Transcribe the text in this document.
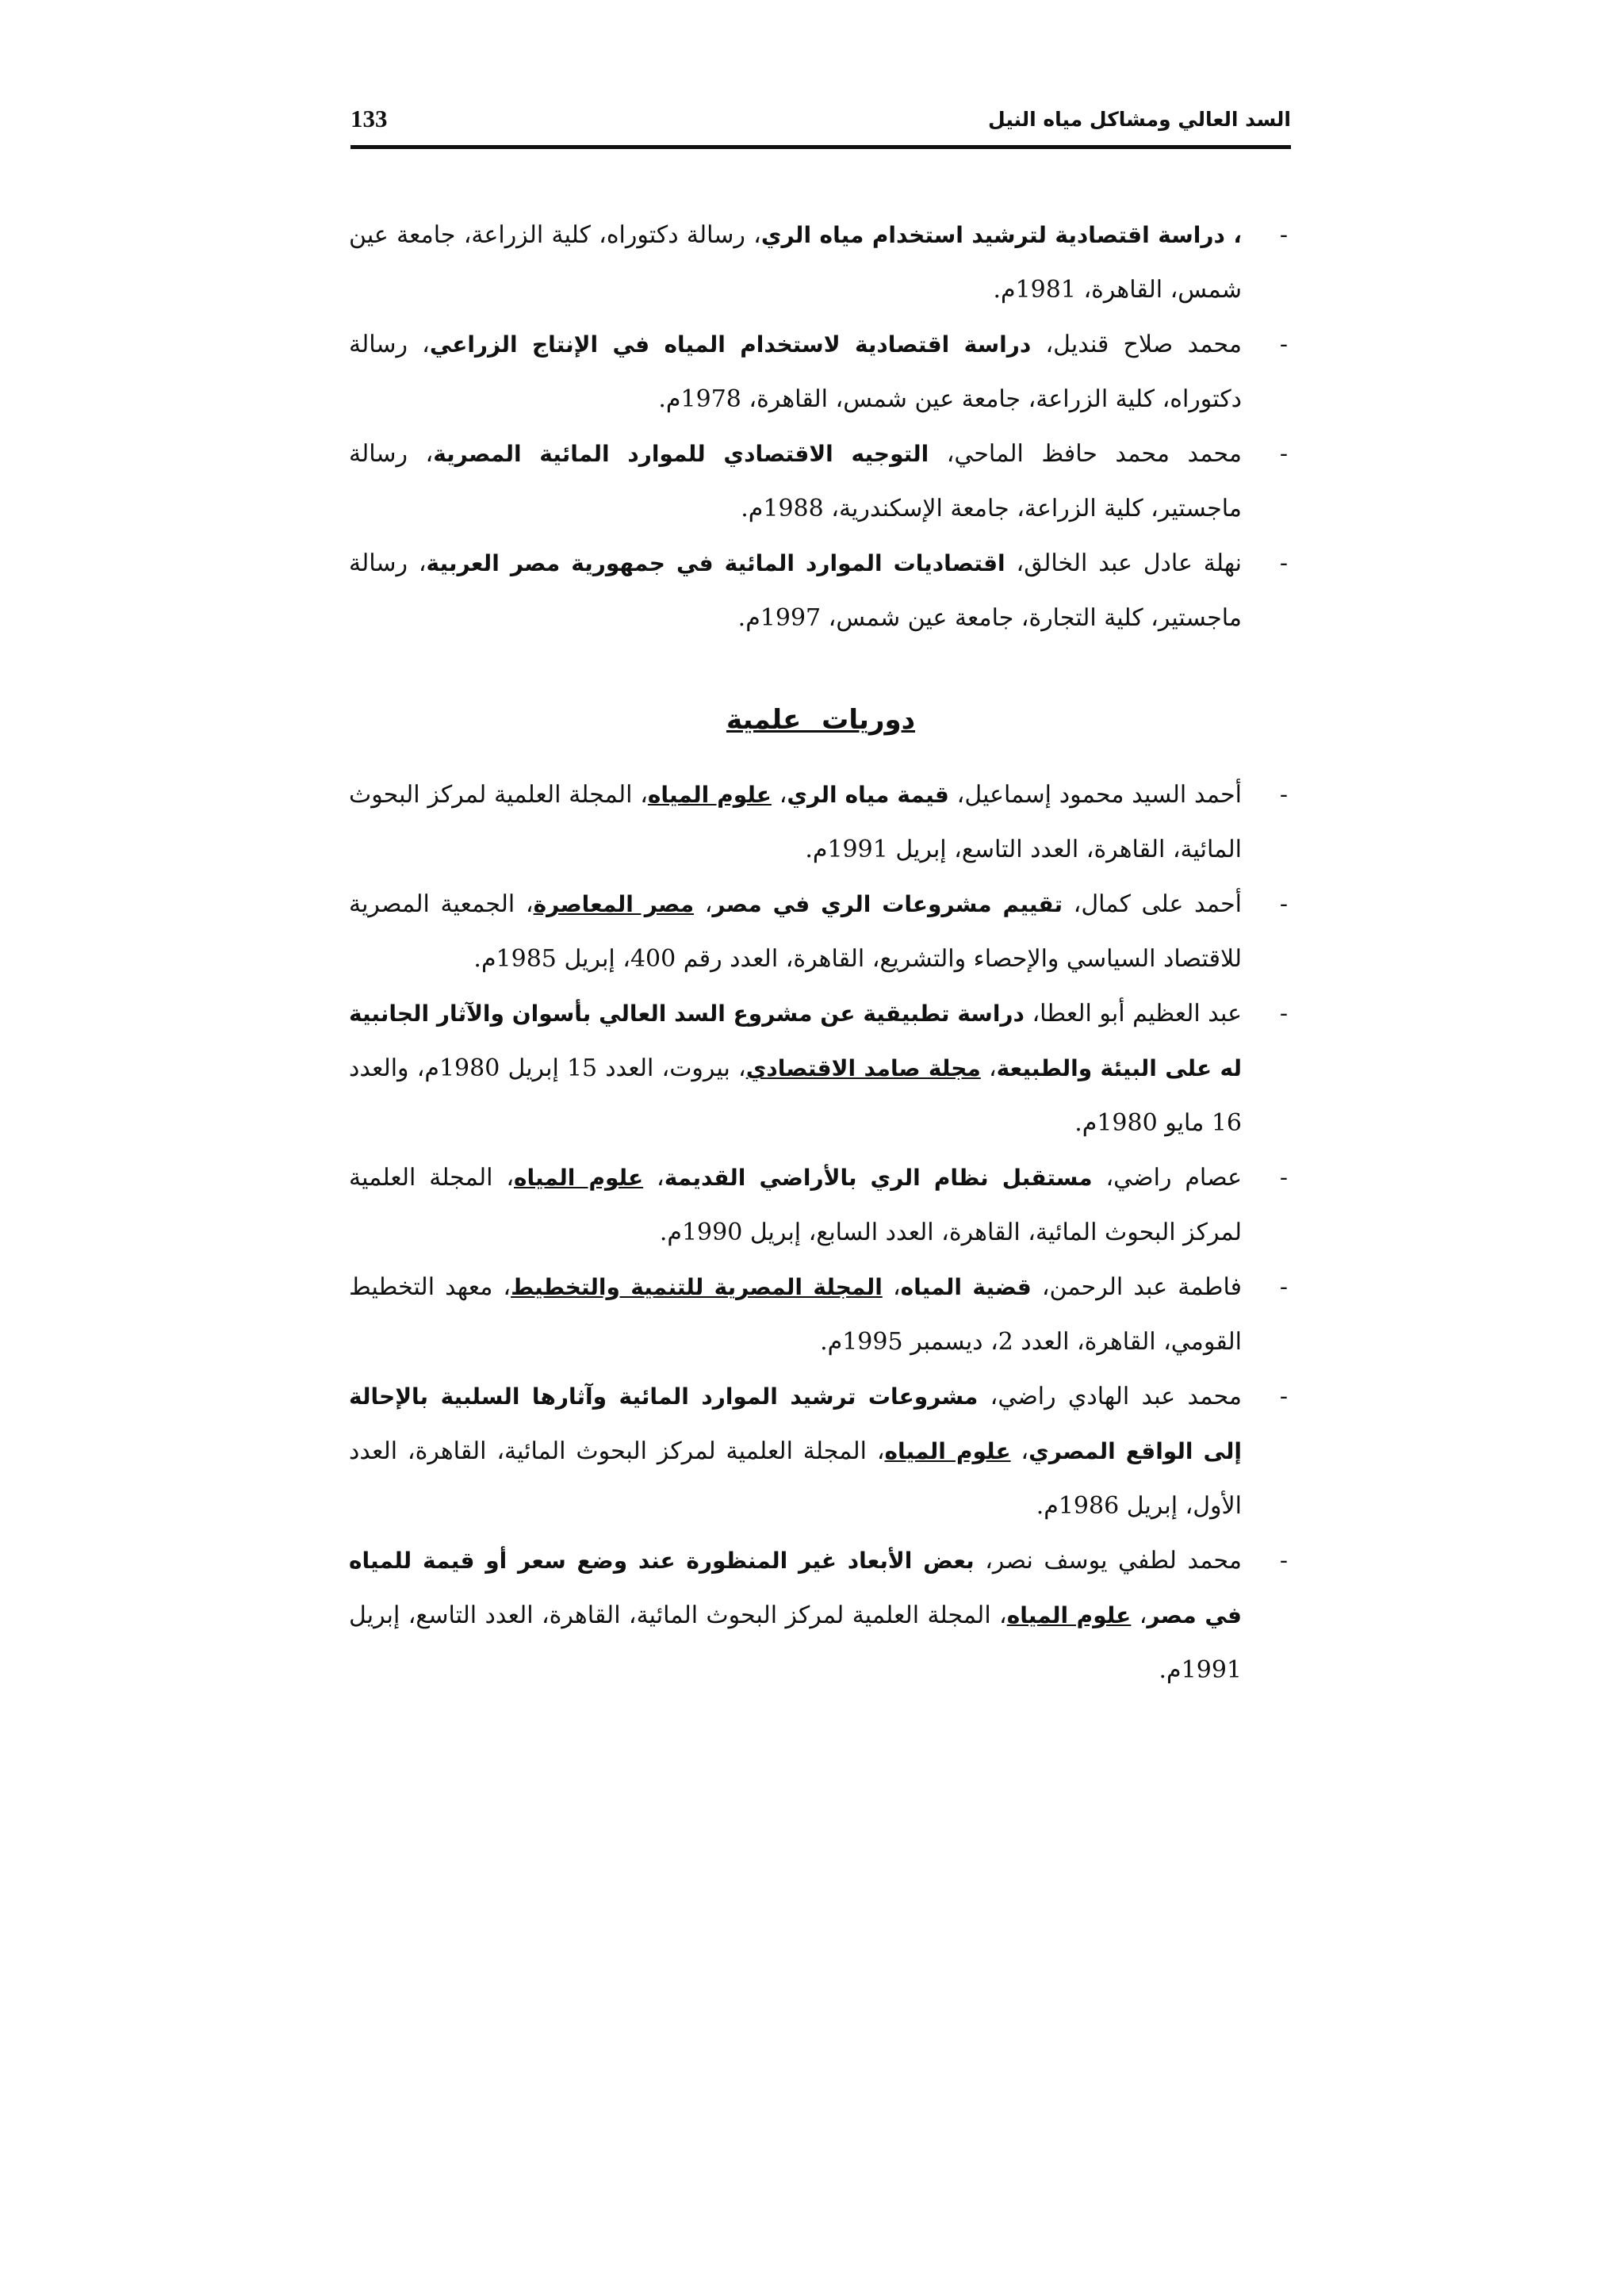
السد العالي ومشاكل مياه النيل
133
-
، دراسة اقتصادية لترشيد استخدام مياه الري، رسالة دكتوراه، كلية الزراعة، جامعة عين شمس، القاهرة، 1981م.
-
محمد صلاح قنديل، دراسة اقتصادية لاستخدام المياه في الإنتاج الزراعي، رسالة دكتوراه، كلية الزراعة، جامعة عين شمس، القاهرة، 1978م.
-
محمد محمد حافظ الماحي، التوجيه الاقتصادي للموارد المائية المصرية، رسالة ماجستير، كلية الزراعة، جامعة الإسكندرية، 1988م.
-
نهلة عادل عبد الخالق، اقتصاديات الموارد المائية في جمهورية مصر العربية، رسالة ماجستير، كلية التجارة، جامعة عين شمس، 1997م.
دوريات علمية
-
أحمد السيد محمود إسماعيل، قيمة مياه الري، علوم المياه، المجلة العلمية لمركز البحوث المائية، القاهرة، العدد التاسع، إبريل 1991م.
-
أحمد على كمال، تقييم مشروعات الري في مصر، مصر المعاصرة، الجمعية المصرية للاقتصاد السياسي والإحصاء والتشريع، القاهرة، العدد رقم 400، إبريل 1985م.
-
عبد العظيم أبو العطا، دراسة تطبيقية عن مشروع السد العالي بأسوان والآثار الجانبية له على البيئة والطبيعة، مجلة صامد الاقتصادي، بيروت، العدد 15 إبريل 1980م، والعدد 16 مايو 1980م.
-
عصام راضي، مستقبل نظام الري بالأراضي القديمة، علوم المياه، المجلة العلمية لمركز البحوث المائية، القاهرة، العدد السابع، إبريل 1990م.
-
فاطمة عبد الرحمن، قضية المياه، المجلة المصرية للتنمية والتخطيط، معهد التخطيط القومي، القاهرة، العدد 2، ديسمبر 1995م.
-
محمد عبد الهادي راضي، مشروعات ترشيد الموارد المائية وآثارها السلبية بالإحالة إلى الواقع المصري، علوم المياه، المجلة العلمية لمركز البحوث المائية، القاهرة، العدد الأول، إبريل 1986م.
-
محمد لطفي يوسف نصر، بعض الأبعاد غير المنظورة عند وضع سعر أو قيمة للمياه في مصر، علوم المياه، المجلة العلمية لمركز البحوث المائية، القاهرة، العدد التاسع، إبريل 1991م.
